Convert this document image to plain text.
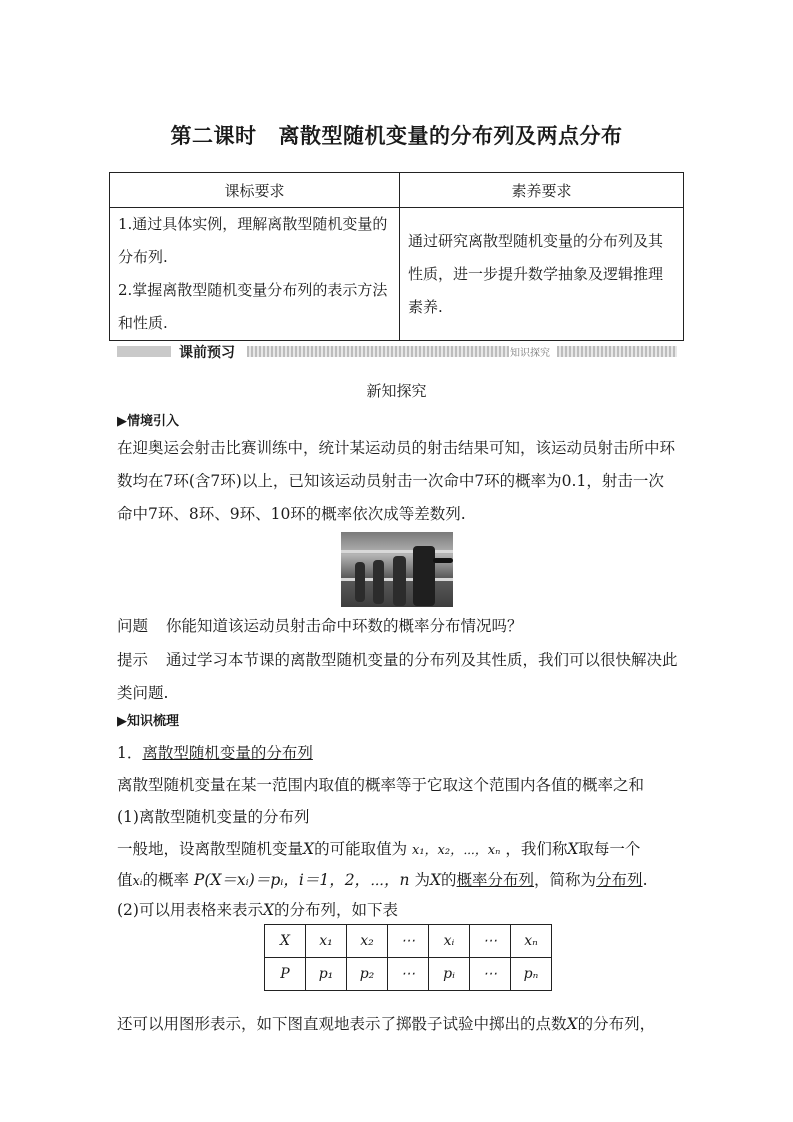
第二课时 离散型随机变量的分布列及两点分布
课标要求	素养要求

1.通过具体实例，理解离散型随机变量的分布列.
2.掌握离散型随机变量分布列的表示方法和性质.	通过研究离散型随机变量的分布列及其性质，进一步提升数学抽象及逻辑推理素养.
课前预习	知识探究
新知探究
▶情境引入
在迎奥运会射击比赛训练中，统计某运动员的射击结果可知，该运动员射击所中环数均在7环(含7环)以上，已知该运动员射击一次命中7环的概率为0.1，射击一次命中7环、8环、9环、10环的概率依次成等差数列.
问题 你能知道该运动员射击命中环数的概率分布情况吗？
提示 通过学习本节课的离散型随机变量的分布列及其性质，我们可以很快解决此类问题.
▶知识梳理
1．离散型随机变量的分布列
离散型随机变量在某一范围内取值的概率等于它取这个范围内各值的概率之和
(1)离散型随机变量的分布列
一般地，设离散型随机变量X的可能取值为 x₁，x₂，⋯，xₙ ，我们称X取每一个
值xᵢ的概率 P(X＝xᵢ)＝pᵢ，i＝1，2，⋯，n 为X的概率分布列，简称为分布列.
(2)可以用表格来表示X的分布列，如下表
X	x₁	x₂	⋯	xᵢ	⋯	xₙ
P	p₁	p₂	⋯	pᵢ	⋯	pₙ
还可以用图形表示，如下图直观地表示了掷骰子试验中掷出的点数X的分布列，
